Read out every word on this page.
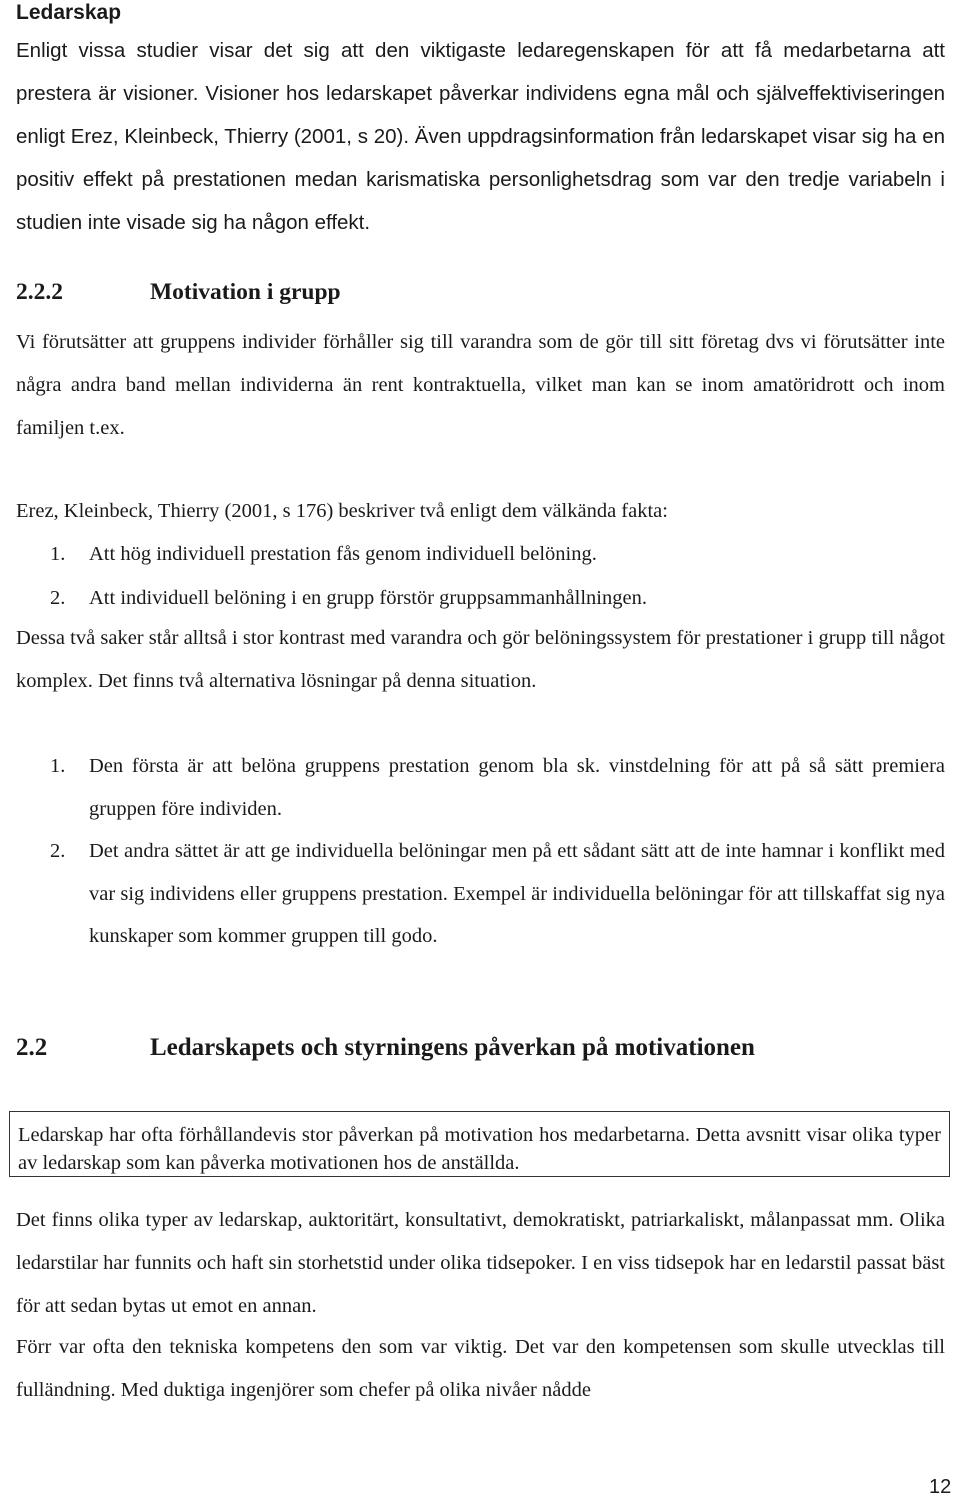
Ledarskap

Enligt vissa studier visar det sig att den viktigaste ledaregenskapen för att få medarbetarna att prestera är visioner. Visioner hos ledarskapet påverkar individens egna mål och själveffektiviseringen enligt Erez, Kleinbeck, Thierry (2001, s 20). Även uppdragsinformation från ledarskapet visar sig ha en positiv effekt på prestationen medan karismatiska personlighetsdrag som var den tredje variabeln i studien inte visade sig ha någon effekt.

2.2.2	Motivation i grupp

Vi förutsätter att gruppens individer förhåller sig till varandra som de gör till sitt företag dvs vi förutsätter inte några andra band mellan individerna än rent kontraktuella, vilket man kan se inom amatöridrott och inom familjen t.ex.

Erez, Kleinbeck, Thierry (2001, s 176) beskriver två enligt dem välkända fakta:

1. Att hög individuell prestation fås genom individuell belöning.
2. Att individuell belöning i en grupp förstör gruppsammanhållningen.

Dessa två saker står alltså i stor kontrast med varandra och gör belöningssystem för prestationer i grupp till något komplex. Det finns två alternativa lösningar på denna situation.

1. Den första är att belöna gruppens prestation genom bla sk. vinstdelning för att på så sätt premiera gruppen före individen.
2. Det andra sättet är att ge individuella belöningar men på ett sådant sätt att de inte hamnar i konflikt med var sig individens eller gruppens prestation. Exempel är individuella belöningar för att tillskaffat sig nya kunskaper som kommer gruppen till godo.
2.2	Ledarskapets och styrningens påverkan på motivationen

Ledarskap har ofta förhållandevis stor påverkan på motivation hos medarbetarna. Detta avsnitt visar olika typer av ledarskap som kan påverka motivationen hos de anställda.

Det finns olika typer av ledarskap, auktoritärt, konsultativt, demokratiskt, patriarkaliskt, målanpassat mm. Olika ledarstilar har funnits och haft sin storhetstid under olika tidsepoker. I en viss tidsepok har en ledarstil passat bäst för att sedan bytas ut emot en annan.

Förr var ofta den tekniska kompetens den som var viktig. Det var den kompetensen som skulle utvecklas till fulländning. Med duktiga ingenjörer som chefer på olika nivåer nådde

12
